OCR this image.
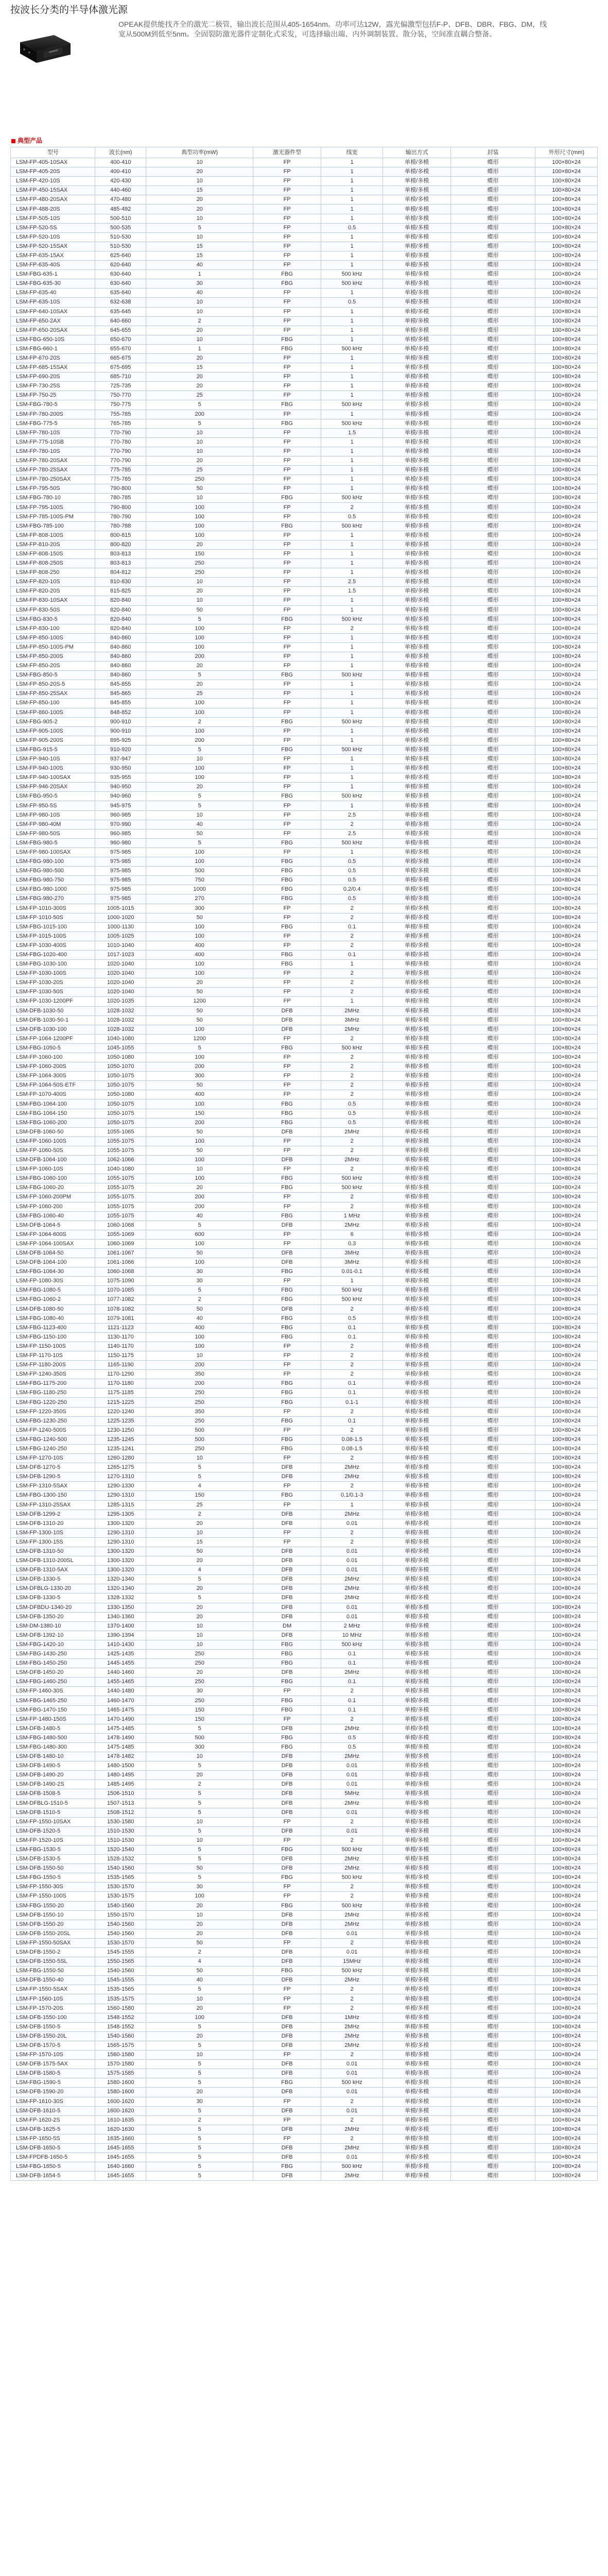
按波长分类的半导体激光源

OPEAK提供能找齐全的激光二极管，输出波长范围从405-1654nm。功率可达12W，露光偏激型包括F-P、DFB、DBR、FBG、DM，线宽从500M到低至5nm。全固裂防激光器件定制化式采发，可选择输出端、内外调制装置、散分装，空间准直耦合整备。

典型产品
型号	波长(nm)	典型功率(mW)	激光器件型	线宽	输出方式	封装	外形尺寸(mm)
LSM-FP-405-10SAX	400-410	10	FP	1	单模/多模	蝶形	100×80×24
LSM-FP-405-20S	400-410	20	FP	1	单模/多模	蝶形	100×80×24
LSM-FP-420-10S	420-430	10	FP	1	单模/多模	蝶形	100×80×24
LSM-FP-450-15SAX	440-460	15	FP	1	单模/多模	蝶形	100×80×24
LSM-FP-480-20SAX	470-480	20	FP	1	单模/多模	蝶形	100×80×24
LSM-FP-488-20S	485-492	20	FP	1	单模/多模	蝶形	100×80×24
LSM-FP-505-10S	500-510	10	FP	1	单模/多模	蝶形	100×80×24
LSM-FP-520-5S	500-535	5	FP	0.5	单模/多模	蝶形	100×80×24
LSM-FP-520-10S	510-530	10	FP	1	单模/多模	蝶形	100×80×24
LSM-FP-520-15SAX	510-530	15	FP	1	单模/多模	蝶形	100×80×24
LSM-FP-635-15AX	625-640	15	FP	1	单模/多模	蝶形	100×80×24
LSM-FP-635-40S	620-640	40	FP	1	单模/多模	蝶形	100×80×24
LSM-FBG-635-1	630-640	1	FBG	500 kHz	单模/多模	蝶形	100×80×24
LSM-FBG-635-30	630-640	30	FBG	500 kHz	单模/多模	蝶形	100×80×24
LSM-FP-635-40	635-640	40	FP	1	单模/多模	蝶形	100×80×24
LSM-FP-635-10S	632-638	10	FP	0.5	单模/多模	蝶形	100×80×24
LSM-FP-640-10SAX	635-645	10	FP	1	单模/多模	蝶形	100×80×24
LSM-FP-650-2AX	640-660	2	FP	1	单模/多模	蝶形	100×80×24
LSM-FP-650-20SAX	645-655	20	FP	1	单模/多模	蝶形	100×80×24
LSM-FBG-650-10S	650-670	10	FBG	1	单模/多模	蝶形	100×80×24
LSM-FBG-660-1	655-670	1	FBG	500 kHz	单模/多模	蝶形	100×80×24
LSM-FP-670-20S	665-675	20	FP	1	单模/多模	蝶形	100×80×24
LSM-FP-685-15SAX	675-695	15	FP	1	单模/多模	蝶形	100×80×24
LSM-FP-690-20S	685-710	20	FP	1	单模/多模	蝶形	100×80×24
LSM-FP-730-25S	725-735	20	FP	1	单模/多模	蝶形	100×80×24
LSM-FP-750-25	750-770	25	FP	1	单模/多模	蝶形	100×80×24
LSM-FBG-780-5	750-775	5	FBG	500 kHz	单模/多模	蝶形	100×80×24
LSM-FP-780-200S	755-785	200	FP	1	单模/多模	蝶形	100×80×24
LSM-FBG-775-5	765-785	5	FBG	500 kHz	单模/多模	蝶形	100×80×24
LSM-FP-780-10S	770-790	10	FP	1.5	单模/多模	蝶形	100×80×24
LSM-FP-775-10SB	770-780	10	FP	1	单模/多模	蝶形	100×80×24
LSM-FP-780-10S	770-790	10	FP	1	单模/多模	蝶形	100×80×24
LSM-FP-780-20SAX	770-790	20	FP	1	单模/多模	蝶形	100×80×24
LSM-FP-780-25SAX	775-785	25	FP	1	单模/多模	蝶形	100×80×24
LSM-FP-780-250SAX	775-785	250	FP	1	单模/多模	蝶形	100×80×24
LSM-FP-795-50S	790-800	50	FP	1	单模/多模	蝶形	100×80×24
LSM-FBG-780-10	780-785	10	FBG	500 kHz	单模/多模	蝶形	100×80×24
LSM-FP-795-100S	790-800	100	FP	2	单模/多模	蝶形	100×80×24
LSM-FP-785-100S-PM	780-790	100	FP	0.5	单模/多模	蝶形	100×80×24
LSM-FBG-785-100	780-788	100	FBG	500 kHz	单模/多模	蝶形	100×80×24
LSM-FP-808-100S	800-815	100	FP	1	单模/多模	蝶形	100×80×24
LSM-FP-810-20S	800-820	20	FP	1	单模/多模	蝶形	100×80×24
LSM-FP-808-150S	803-813	150	FP	1	单模/多模	蝶形	100×80×24
LSM-FP-808-250S	803-813	250	FP	1	单模/多模	蝶形	100×80×24
LSM-FP-808-250	804-812	250	FP	1	单模/多模	蝶形	100×80×24
LSM-FP-820-10S	810-830	10	FP	2.5	单模/多模	蝶形	100×80×24
LSM-FP-820-20S	815-825	20	FP	1.5	单模/多模	蝶形	100×80×24
LSM-FP-830-10SAX	820-840	10	FP	1	单模/多模	蝶形	100×80×24
LSM-FP-830-50S	820-840	50	FP	1	单模/多模	蝶形	100×80×24
LSM-FBG-830-5	820-840	5	FBG	500 kHz	单模/多模	蝶形	100×80×24
LSM-FP-830-100	820-840	100	FP	2	单模/多模	蝶形	100×80×24
LSM-FP-850-100S	840-860	100	FP	1	单模/多模	蝶形	100×80×24
LSM-FP-850-100S-PM	840-860	100	FP	1	单模/多模	蝶形	100×80×24
LSM-FP-850-200S	840-860	200	FP	1	单模/多模	蝶形	100×80×24
LSM-FP-850-20S	840-860	20	FP	1	单模/多模	蝶形	100×80×24
LSM-FBG-850-5	840-860	5	FBG	500 kHz	单模/多模	蝶形	100×80×24
LSM-FP-850-20S-5	845-855	20	FP	1	单模/多模	蝶形	100×80×24
LSM-FP-850-25SAX	845-865	25	FP	1	单模/多模	蝶形	100×80×24
LSM-FP-850-100	845-855	100	FP	1	单模/多模	蝶形	100×80×24
LSM-FP-860-100S	848-852	100	FP	1	单模/多模	蝶形	100×80×24
LSM-FBG-905-2	900-910	2	FBG	500 kHz	单模/多模	蝶形	100×80×24
LSM-FP-905-100S	900-910	100	FP	1	单模/多模	蝶形	100×80×24
LSM-FP-905-200S	895-925	200	FP	1	单模/多模	蝶形	100×80×24
LSM-FBG-915-5	910-920	5	FBG	500 kHz	单模/多模	蝶形	100×80×24
LSM-FP-940-10S	937-947	10	FP	1	单模/多模	蝶形	100×80×24
LSM-FP-940-100S	930-950	100	FP	1	单模/多模	蝶形	100×80×24
LSM-FP-940-100SAX	935-955	100	FP	1	单模/多模	蝶形	100×80×24
LSM-FP-946-20SAX	940-950	20	FP	1	单模/多模	蝶形	100×80×24
LSM-FBG-950-5	940-960	5	FBG	500 kHz	单模/多模	蝶形	100×80×24
LSM-FP-950-5S	945-975	5	FP	1	单模/多模	蝶形	100×80×24
LSM-FP-980-10S	960-985	10	FP	2.5	单模/多模	蝶形	100×80×24
LSM-FP-980-40M	970-990	40	FP	2	单模/多模	蝶形	100×80×24
LSM-FP-980-50S	960-985	50	FP	2.5	单模/多模	蝶形	100×80×24
LSM-FBG-980-5	960-980	5	FBG	500 kHz	单模/多模	蝶形	100×80×24
LSM-FP-980-100SAX	975-985	100	FP	1	单模/多模	蝶形	100×80×24
LSM-FBG-980-100	975-985	100	FBG	0.5	单模/多模	蝶形	100×80×24
LSM-FBG-980-500	975-985	500	FBG	0.5	单模/多模	蝶形	100×80×24
LSM-FBG-980-750	975-985	750	FBG	0.5	单模/多模	蝶形	100×80×24
LSM-FBG-980-1000	975-985	1000	FBG	0.2/0.4	单模/多模	蝶形	100×80×24
LSM-FBG-980-270	975-985	270	FBG	0.5	单模/多模	蝶形	100×80×24
LSM-FP-1010-300S	1005-1015	300	FP	2	单模/多模	蝶形	100×80×24
LSM-FP-1010-50S	1000-1020	50	FP	2	单模/多模	蝶形	100×80×24
LSM-FBG-1015-100	1000-1130	100	FBG	0.1	单模/多模	蝶形	100×80×24
LSM-FP-1015-100S	1005-1025	100	FP	2	单模/多模	蝶形	100×80×24
LSM-FP-1030-400S	1010-1040	400	FP	2	单模/多模	蝶形	100×80×24
LSM-FBG-1020-400	1017-1023	400	FBG	0.1	单模/多模	蝶形	100×80×24
LSM-FBG-1030-100	1020-1040	100	FBG	1	单模/多模	蝶形	100×80×24
LSM-FP-1030-100S	1020-1040	100	FP	2	单模/多模	蝶形	100×80×24
LSM-FP-1030-20S	1020-1040	20	FP	2	单模/多模	蝶形	100×80×24
LSM-FP-1030-50S	1020-1040	50	FP	2	单模/多模	蝶形	100×80×24
LSM-FP-1030-1200PF	1020-1035	1200	FP	1	单模/多模	蝶形	100×80×24
LSM-DFB-1030-50	1028-1032	50	DFB	2MHz	单模/多模	蝶形	100×80×24
LSM-DFB-1030-50-1	1028-1032	50	DFB	3MHz	单模/多模	蝶形	100×80×24
LSM-DFB-1030-100	1028-1032	100	DFB	2MHz	单模/多模	蝶形	100×80×24
LSM-FP-1064-1200PF	1040-1080	1200	FP	2	单模/多模	蝶形	100×80×24
LSM-FBG-1050-5	1045-1055	5	FBG	500 kHz	单模/多模	蝶形	100×80×24
LSM-FP-1060-100	1050-1080	100	FP	2	单模/多模	蝶形	100×80×24
LSM-FP-1060-200S	1050-1070	200	FP	2	单模/多模	蝶形	100×80×24
LSM-FP-1064-300S	1050-1075	300	FP	2	单模/多模	蝶形	100×80×24
LSM-FP-1064-50S-ETF	1050-1075	50	FP	2	单模/多模	蝶形	100×80×24
LSM-FP-1070-400S	1050-1080	400	FP	2	单模/多模	蝶形	100×80×24
LSM-FBG-1064-100	1050-1075	100	FBG	0.5	单模/多模	蝶形	100×80×24
LSM-FBG-1064-150	1050-1075	150	FBG	0.5	单模/多模	蝶形	100×80×24
LSM-FBG-1060-200	1050-1075	200	FBG	0.5	单模/多模	蝶形	100×80×24
LSM-DFB-1060-50	1055-1065	50	DFB	2MHz	单模/多模	蝶形	100×80×24
LSM-FP-1060-100S	1055-1075	100	FP	2	单模/多模	蝶形	100×80×24
LSM-FP-1060-50S	1055-1075	50	FP	2	单模/多模	蝶形	100×80×24
LSM-DFB-1064-100	1062-1066	100	DFB	2MHz	单模/多模	蝶形	100×80×24
LSM-FP-1060-10S	1040-1080	10	FP	2	单模/多模	蝶形	100×80×24
LSM-FBG-1060-100	1055-1075	100	FBG	500 kHz	单模/多模	蝶形	100×80×24
LSM-FBG-1060-20	1055-1075	20	FBG	500 kHz	单模/多模	蝶形	100×80×24
LSM-FP-1060-200PM	1055-1075	200	FP	2	单模/多模	蝶形	100×80×24
LSM-FP-1060-200	1055-1075	200	FP	2	单模/多模	蝶形	100×80×24
LSM-FBG-1060-40	1055-1075	40	FBG	1 MHz	单模/多模	蝶形	100×80×24
LSM-DFB-1064-5	1060-1068	5	DFB	2MHz	单模/多模	蝶形	100×80×24
LSM-FP-1064-600S	1055-1069	600	FP	6	单模/多模	蝶形	100×80×24
LSM-FP-1064-100SAX	1060-1069	100	FP	0.3	单模/多模	蝶形	100×80×24
LSM-DFB-1064-50	1061-1067	50	DFB	3MHz	单模/多模	蝶形	100×80×24
LSM-DFB-1064-100	1061-1066	100	DFB	3MHz	单模/多模	蝶形	100×80×24
LSM-FBG-1064-30	1060-1068	30	FBG	0.01-0.1	单模/多模	蝶形	100×80×24
LSM-FP-1080-30S	1075-1090	30	FP	1	单模/多模	蝶形	100×80×24
LSM-FBG-1080-5	1070-1085	5	FBG	500 kHz	单模/多模	蝶形	100×80×24
LSM-FBG-1060-2	1077-1082	2	FBG	500 kHz	单模/多模	蝶形	100×80×24
LSM-DFB-1080-50	1078-1082	50	DFB	2	单模/多模	蝶形	100×80×24
LSM-FBG-1080-40	1079-1081	40	FBG	0.5	单模/多模	蝶形	100×80×24
LSM-FBG-1123-400	1121-1123	400	FBG	0.1	单模/多模	蝶形	100×80×24
LSM-FBG-1150-100	1130-1170	100	FBG	0.1	单模/多模	蝶形	100×80×24
LSM-FP-1150-100S	1140-1170	100	FP	2	单模/多模	蝶形	100×80×24
LSM-FP-1170-10S	1150-1175	10	FP	2	单模/多模	蝶形	100×80×24
LSM-FP-1180-200S	1165-1190	200	FP	2	单模/多模	蝶形	100×80×24
LSM-FP-1240-350S	1170-1290	350	FP	2	单模/多模	蝶形	100×80×24
LSM-FBG-1175-200	1170-1180	200	FBG	0.1	单模/多模	蝶形	100×80×24
LSM-FBG-1180-250	1175-1185	250	FBG	0.1	单模/多模	蝶形	100×80×24
LSM-FBG-1220-250	1215-1225	250	FBG	0.1-1	单模/多模	蝶形	100×80×24
LSM-FP-1220-350S	1220-1240	350	FP	2	单模/多模	蝶形	100×80×24
LSM-FBG-1230-250	1225-1235	250	FBG	0.1	单模/多模	蝶形	100×80×24
LSM-FP-1240-500S	1230-1250	500	FP	2	单模/多模	蝶形	100×80×24
LSM-FBG-1240-500	1235-1245	500	FBG	0.08-1.5	单模/多模	蝶形	100×80×24
LSM-FBG-1240-250	1235-1241	250	FBG	0.08-1.5	单模/多模	蝶形	100×80×24
LSM-FP-1270-10S	1260-1280	10	FP	2	单模/多模	蝶形	100×80×24
LSM-DFB-1270-5	1265-1275	5	DFB	2MHz	单模/多模	蝶形	100×80×24
LSM-DFB-1290-5	1270-1310	5	DFB	2MHz	单模/多模	蝶形	100×80×24
LSM-FP-1310-5SAX	1290-1330	4	FP	2	单模/多模	蝶形	100×80×24
LSM-FBG-1300-150	1290-1310	150	FBG	0.1/0.1-3	单模/多模	蝶形	100×80×24
LSM-FP-1310-25SAX	1285-1315	25	FP	1	单模/多模	蝶形	100×80×24
LSM-DFB-1299-2	1295-1305	2	DFB	2MHz	单模/多模	蝶形	100×80×24
LSM-DFB-1310-20	1300-1320	20	DFB	0.01	单模/多模	蝶形	100×80×24
LSM-FP-1300-10S	1290-1310	10	FP	2	单模/多模	蝶形	100×80×24
LSM-FP-1300-15S	1290-1310	15	FP	2	单模/多模	蝶形	100×80×24
LSM-DFB-1310-50	1300-1320	50	DFB	0.01	单模/多模	蝶形	100×80×24
LSM-DFB-1310-200SL	1300-1320	20	DFB	0.01	单模/多模	蝶形	100×80×24
LSM-DFB-1310-5AX	1300-1320	4	DFB	0.01	单模/多模	蝶形	100×80×24
LSM-DFB-1330-5	1320-1340	5	DFB	2MHz	单模/多模	蝶形	100×80×24
LSM-DFBLG-1330-20	1320-1340	20	DFB	2MHz	单模/多模	蝶形	100×80×24
LSM-DFB-1330-5	1328-1332	5	DFB	2MHz	单模/多模	蝶形	100×80×24
LSM-DFBDU-1340-20	1330-1350	20	DFB	0.01	单模/多模	蝶形	100×80×24
LSM-DFB-1350-20	1340-1360	20	DFB	0.01	单模/多模	蝶形	100×80×24
LSM-DM-1380-10	1370-1400	10	DM	2 MHz	单模/多模	蝶形	100×80×24
LSM-DFB-1392-10	1390-1394	10	DFB	10 MHz	单模/多模	蝶形	100×80×24
LSM-FBG-1420-10	1410-1430	10	FBG	500 kHz	单模/多模	蝶形	100×80×24
LSM-FBG-1430-250	1425-1435	250	FBG	0.1	单模/多模	蝶形	100×80×24
LSM-FBG-1450-250	1445-1455	250	FBG	0.1	单模/多模	蝶形	100×80×24
LSM-DFB-1450-20	1440-1460	20	DFB	2MHz	单模/多模	蝶形	100×80×24
LSM-FBG-1460-250	1455-1465	250	FBG	0.1	单模/多模	蝶形	100×80×24
LSM-FP-1460-30S	1440-1480	30	FP	2	单模/多模	蝶形	100×80×24
LSM-FBG-1465-250	1460-1470	250	FBG	0.1	单模/多模	蝶形	100×80×24
LSM-FBG-1470-150	1465-1475	150	FBG	0.1	单模/多模	蝶形	100×80×24
LSM-FP-1480-150S	1470-1490	150	FP	2	单模/多模	蝶形	100×80×24
LSM-DFB-1480-5	1475-1485	5	DFB	2MHz	单模/多模	蝶形	100×80×24
LSM-FBG-1480-500	1478-1490	500	FBG	0.5	单模/多模	蝶形	100×80×24
LSM-FBG-1480-300	1475-1485	300	FBG	0.5	单模/多模	蝶形	100×80×24
LSM-DFB-1480-10	1478-1482	10	DFB	2MHz	单模/多模	蝶形	100×80×24
LSM-DFB-1490-5	1480-1500	5	DFB	0.01	单模/多模	蝶形	100×80×24
LSM-DFB-1490-20	1480-1495	20	DFB	0.01	单模/多模	蝶形	100×80×24
LSM-DFB-1490-2S	1485-1495	2	DFB	0.01	单模/多模	蝶形	100×80×24
LSM-DFB-1508-5	1506-1510	5	DFB	5MHz	单模/多模	蝶形	100×80×24
LSM-DFBLG-1510-5	1507-1513	5	DFB	2MHz	单模/多模	蝶形	100×80×24
LSM-DFB-1510-5	1508-1512	5	DFB	0.01	单模/多模	蝶形	100×80×24
LSM-FP-1550-10SAX	1530-1580	10	FP	2	单模/多模	蝶形	100×80×24
LSM-DFB-1520-5	1510-1530	5	DFB	0.01	单模/多模	蝶形	100×80×24
LSM-FP-1520-10S	1510-1530	10	FP	2	单模/多模	蝶形	100×80×24
LSM-FBG-1530-5	1520-1540	5	FBG	500 kHz	单模/多模	蝶形	100×80×24
LSM-DFB-1530-5	1528-1532	5	DFB	2MHz	单模/多模	蝶形	100×80×24
LSM-DFB-1550-50	1540-1560	50	DFB	2MHz	单模/多模	蝶形	100×80×24
LSM-FBG-1550-5	1535-1565	5	FBG	500 kHz	单模/多模	蝶形	100×80×24
LSM-FP-1550-30S	1530-1570	30	FP	2	单模/多模	蝶形	100×80×24
LSM-FP-1550-100S	1530-1575	100	FP	2	单模/多模	蝶形	100×80×24
LSM-FBG-1550-20	1540-1560	20	FBG	500 kHz	单模/多模	蝶形	100×80×24
LSM-DFB-1550-10	1550-1570	10	DFB	2MHz	单模/多模	蝶形	100×80×24
LSM-DFB-1550-20	1540-1560	20	DFB	2MHz	单模/多模	蝶形	100×80×24
LSM-DFB-1550-20SL	1540-1560	20	DFB	0.01	单模/多模	蝶形	100×80×24
LSM-FP-1550-50SAX	1530-1570	50	FP	2	单模/多模	蝶形	100×80×24
LSM-DFB-1550-2	1545-1555	2	DFB	0.01	单模/多模	蝶形	100×80×24
LSM-DFB-1550-5SL	1550-1565	4	DFB	15MHz	单模/多模	蝶形	100×80×24
LSM-FBG-1550-50	1540-1560	50	FBG	500 kHz	单模/多模	蝶形	100×80×24
LSM-DFB-1550-40	1545-1555	40	DFB	2MHz	单模/多模	蝶形	100×80×24
LSM-FP-1550-5SAX	1535-1565	5	FP	2	单模/多模	蝶形	100×80×24
LSM-FP-1560-10S	1535-1575	10	FP	2	单模/多模	蝶形	100×80×24
LSM-FP-1570-20S	1560-1580	20	FP	2	单模/多模	蝶形	100×80×24
LSM-DFB-1550-100	1548-1552	100	DFB	1MHz	单模/多模	蝶形	100×80×24
LSM-DFB-1550-5	1548-1552	5	DFB	2MHz	单模/多模	蝶形	100×80×24
LSM-DFB-1550-20L	1540-1560	20	DFB	2MHz	单模/多模	蝶形	100×80×24
LSM-DFB-1570-5	1565-1575	5	DFB	2MHz	单模/多模	蝶形	100×80×24
LSM-FP-1570-10S	1560-1580	10	FP	2	单模/多模	蝶形	100×80×24
LSM-DFB-1575-5AX	1570-1580	5	DFB	0.01	单模/多模	蝶形	100×80×24
LSM-DFB-1580-5	1575-1585	5	DFB	0.01	单模/多模	蝶形	100×80×24
LSM-FBG-1590-5	1580-1600	5	FBG	500 kHz	单模/多模	蝶形	100×80×24
LSM-DFB-1590-20	1580-1600	20	DFB	0.01	单模/多模	蝶形	100×80×24
LSM-FP-1610-30S	1600-1620	30	FP	2	单模/多模	蝶形	100×80×24
LSM-DFB-1610-5	1600-1620	5	DFB	0.01	单模/多模	蝶形	100×80×24
LSM-FP-1620-2S	1610-1635	2	FP	2	单模/多模	蝶形	100×80×24
LSM-DFB-1625-5	1620-1630	5	DFB	2MHz	单模/多模	蝶形	100×80×24
LSM-FP-1650-5S	1635-1660	5	FP	2	单模/多模	蝶形	100×80×24
LSM-DFB-1650-5	1645-1655	5	DFB	2MHz	单模/多模	蝶形	100×80×24
LSM-FPDFB-1650-5	1645-1655	5	DFB	0.01	单模/多模	蝶形	100×80×24
LSM-FBG-1650-5	1640-1660	5	FBG	500 kHz	单模/多模	蝶形	100×80×24
LSM-DFB-1654-5	1645-1655	5	DFB	2MHz	单模/多模	蝶形	100×80×24
